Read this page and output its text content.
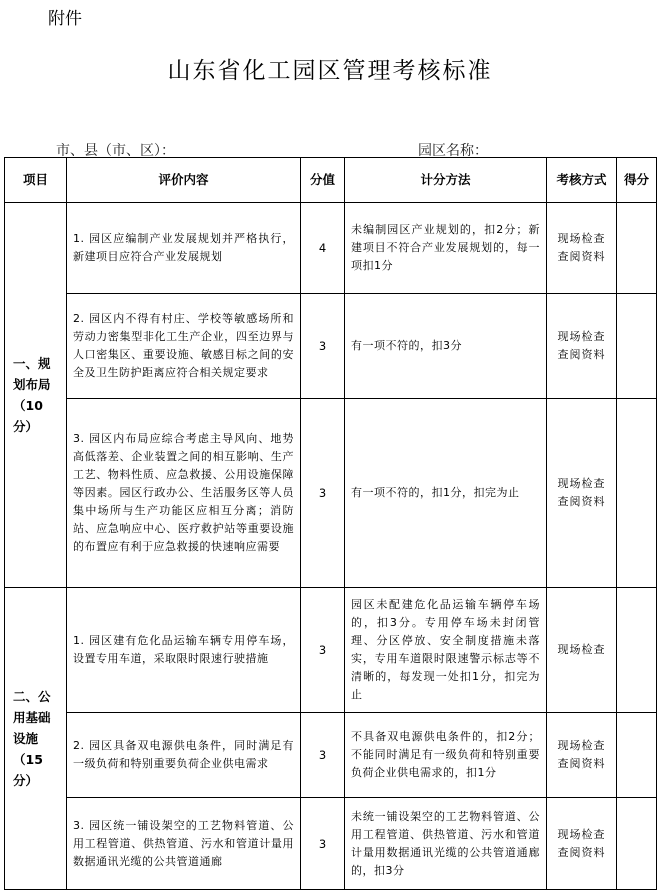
附件
山东省化工园区管理考核标准
市、县（市、区）：	园区名称：
项目	评价内容	分值	计分方法	考核方式	得分
一、规划布局（10分）	1. 园区应编制产业发展规划并严格执行，新建项目应符合产业发展规划	4	未编制园区产业规划的，扣2分；新建项目不符合产业发展规划的，每一项扣1分	现场检查查阅资料	
	2. 园区内不得有村庄、学校等敏感场所和劳动力密集型非化工生产企业，四至边界与人口密集区、重要设施、敏感目标之间的安全及卫生防护距离应符合相关规定要求	3	有一项不符的，扣3分	现场检查查阅资料	
	3. 园区内布局应综合考虑主导风向、地势高低落差、企业装置之间的相互影响、生产工艺、物料性质、应急救援、公用设施保障等因素。园区行政办公、生活服务区等人员集中场所与生产功能区应相互分离；消防站、应急响应中心、医疗救护站等重要设施的布置应有利于应急救援的快速响应需要	3	有一项不符的，扣1分，扣完为止	现场检查查阅资料	
二、公用基础设施（15分）	1. 园区建有危化品运输车辆专用停车场，设置专用车道，采取限时限速行驶措施	3	园区未配建危化品运输车辆停车场的，扣3分。专用停车场未封闭管理、分区停放、安全制度措施未落实，专用车道限时限速警示标志等不清晰的，每发现一处扣1分，扣完为止	现场检查	
	2. 园区具备双电源供电条件，同时满足有一级负荷和特别重要负荷企业供电需求	3	不具备双电源供电条件的，扣2分；不能同时满足有一级负荷和特别重要负荷企业供电需求的，扣1分	现场检查查阅资料	
	3. 园区统一铺设架空的工艺物料管道、公用工程管道、供热管道、污水和管道计量用数据通讯光缆的公共管道通廊	3	未统一铺设架空的工艺物料管道、公用工程管道、供热管道、污水和管道计量用数据通讯光缆的公共管道通廊的，扣3分	现场检查查阅资料	
